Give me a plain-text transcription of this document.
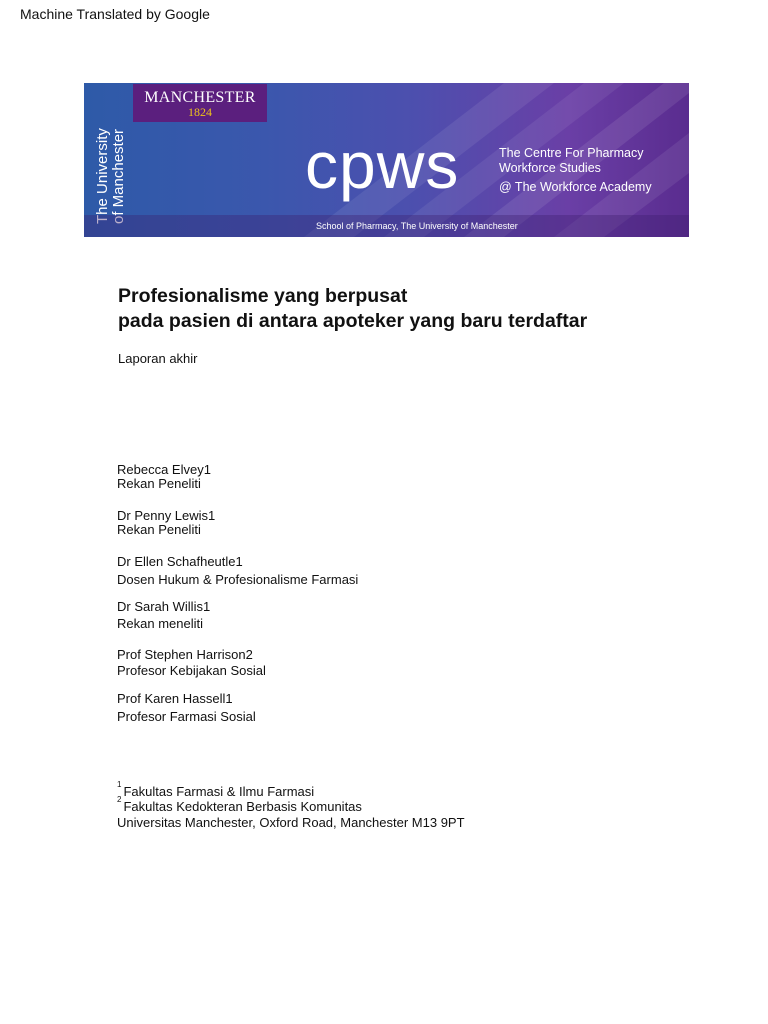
Machine Translated by Google
The University of Manchester
MANCHESTER
1824
cpws	The Centre For Pharmacy
Workforce Studies
@ The Workforce Academy
School of Pharmacy, The University of Manchester
Profesionalisme yang berpusat
pada pasien di antara apoteker yang baru terdaftar
Laporan akhir
Rebecca Elvey1
Rekan Peneliti
Dr Penny Lewis1
Rekan Peneliti
Dr Ellen Schafheutle1
Dosen Hukum & Profesionalisme Farmasi
Dr Sarah Willis1
Rekan meneliti
Prof Stephen Harrison2
Profesor Kebijakan Sosial
Prof Karen Hassell1
Profesor Farmasi Sosial
$^1$ Fakultas Farmasi & Ilmu Farmasi
$^2$ Fakultas Kedokteran Berbasis Komunitas
Universitas Manchester, Oxford Road, Manchester M13 9PT
